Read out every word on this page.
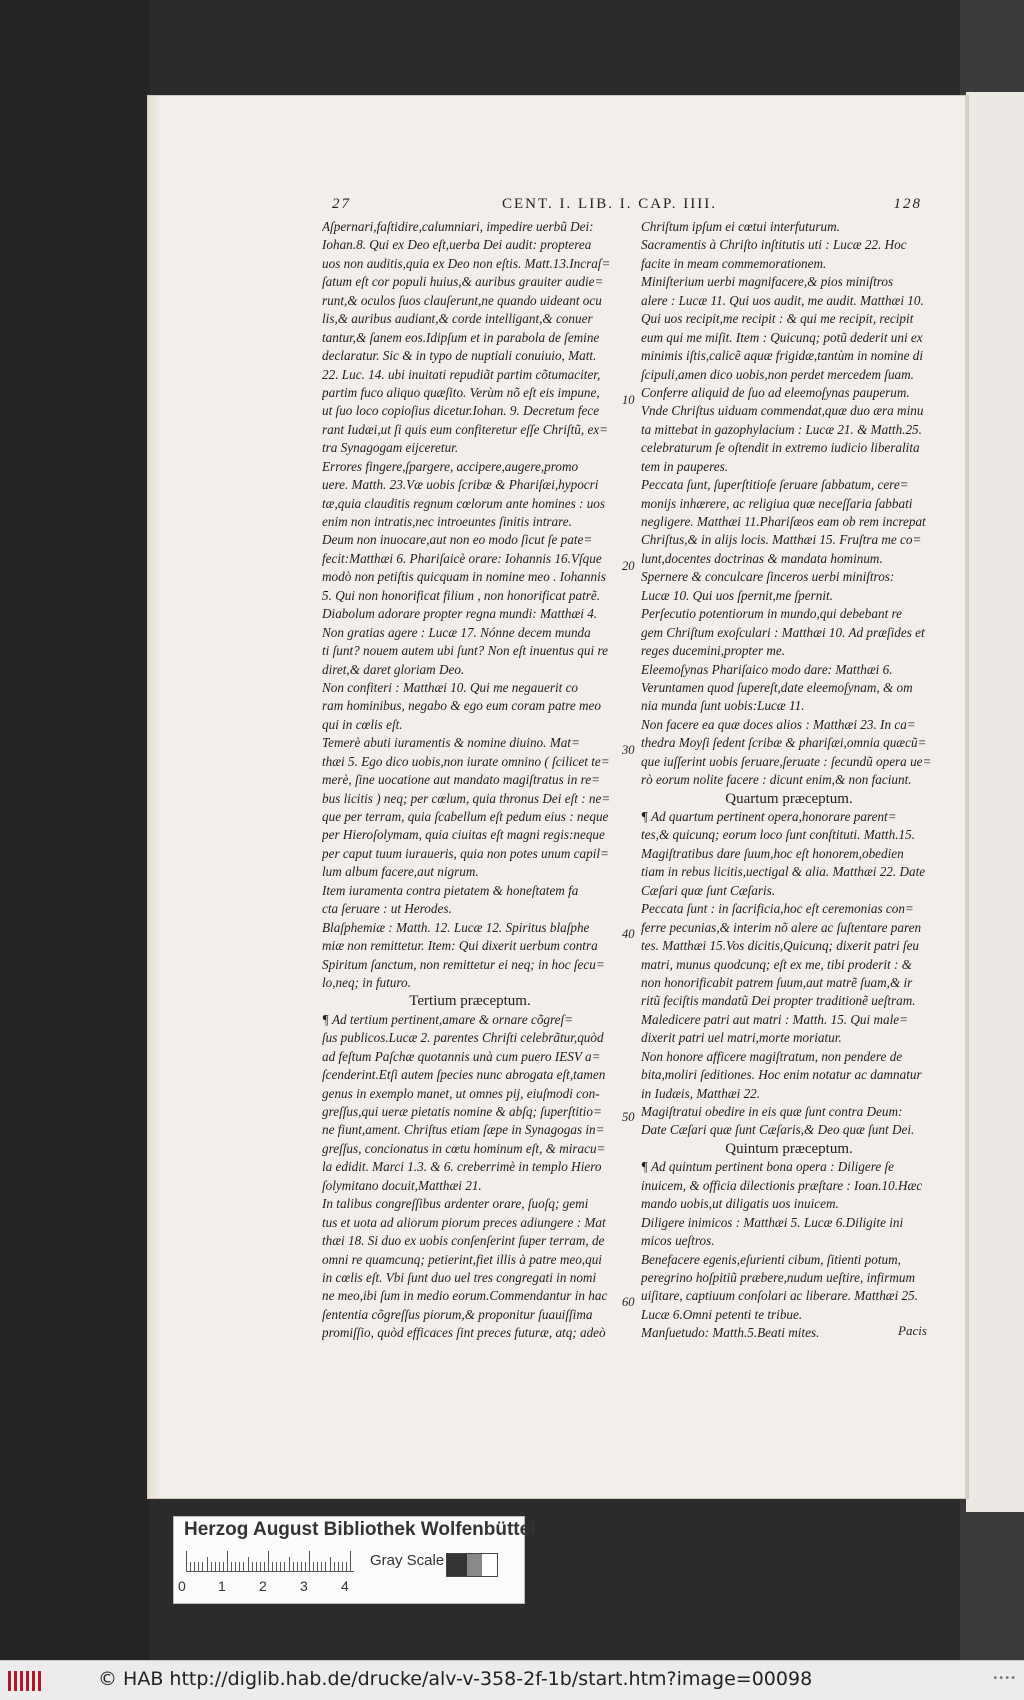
27	CENT. I. LIB. I. CAP. IIII.	128
Aſpernari,faſtidire,calumniari, impedire uerbũ Dei:
Iohan.8. Qui ex Deo eſt,uerba Dei audit: propterea
uos non auditis,quia ex Deo non eſtis. Matt.13.Incraſ=
ſatum eſt cor populi huius,& auribus grauiter audie=
runt,& oculos ſuos clauſerunt,ne quando uideant ocu
lis,& auribus audiant,& corde intelligant,& conuer
tantur,& ſanem eos.Idipſum et in parabola de ſemine
declaratur. Sic & in typo de nuptiali conuiuio, Matt.
22. Luc. 14. ubi inuitati repudiãt partim cõtumaciter,
partim fuco aliquo quæſito. Verùm nõ eſt eis impune,
ut ſuo loco copioſius dicetur.Iohan. 9. Decretum fece
rant Iudæi,ut ſi quis eum confiteretur eſſe Chriſtũ, ex=
tra Synagogam eijceretur.
Errores fingere,ſpargere, accipere,augere,promo
uere. Matth. 23.Væ uobis ſcribæ & Phariſæi,hypocri
tæ,quia clauditis regnum cœlorum ante homines : uos
enim non intratis,nec introeuntes ſinitis intrare.
Deum non inuocare,aut non eo modo ſicut ſe pate=
fecit:Matthæi 6. Phariſaicè orare: Iohannis 16.Vſque
modò non petiſtis quicquam in nomine meo . Iohannis
5. Qui non honorificat filium , non honorificat patrẽ.
Diabolum adorare propter regna mundi: Matthæi 4.
Non gratias agere : Lucæ 17. Nónne decem munda
ti ſunt? nouem autem ubi ſunt? Non eſt inuentus qui re
diret,& daret gloriam Deo.
Non confiteri : Matthæi 10. Qui me negauerit co
ram hominibus, negabo & ego eum coram patre meo
qui in cœlis eſt.
Temerè abuti iuramentis & nomine diuino. Mat=
thæi 5. Ego dico uobis,non iurate omnino ( ſcilicet te=
merè, ſine uocatione aut mandato magiſtratus in re=
bus licitis ) neq; per cœlum, quia thronus Dei eſt : ne=
que per terram, quia ſcabellum eſt pedum eius : neque
per Hieroſolymam, quia ciuitas eſt magni regis:neque
per caput tuum iuraueris, quia non potes unum capil=
lum album facere,aut nigrum.
Item iuramenta contra pietatem & honeſtatem fa
cta ſeruare : ut Herodes.
Blaſphemiæ : Matth. 12. Lucæ 12. Spiritus blaſphe
miæ non remittetur. Item: Qui dixerit uerbum contra
Spiritum ſanctum, non remittetur ei neq; in hoc ſecu=
lo,neq; in futuro.
Tertium præceptum.
¶ Ad tertium pertinent,amare & ornare cõgreſ=
ſus publicos.Lucæ 2. parentes Chriſti celebrãtur,quòd
ad feſtum Paſchæ quotannis unà cum puero IESV a=
ſcenderint.Etſi autem ſpecies nunc abrogata eſt,tamen
genus in exemplo manet, ut omnes pij, eiuſmodi con-
greſſus,qui ueræ pietatis nomine & abſq; ſuperſtitio=
ne fiunt,ament. Chriſtus etiam ſæpe in Synagogas in=
greſſus, concionatus in cœtu hominum eſt, & miracu=
la edidit. Marci 1.3. & 6. creberrimè in templo Hiero
ſolymitano docuit,Matthæi 21.
In talibus congreſſibus ardenter orare, ſuoſq; gemi
tus et uota ad aliorum piorum preces adiungere : Mat
thæi 18. Si duo ex uobis conſenſerint ſuper terram, de
omni re quamcunq; petierint,fiet illis à patre meo,qui
in cœlis eſt. Vbi ſunt duo uel tres congregati in nomi
ne meo,ibi ſum in medio eorum.Commendantur in hac
ſententia cõgreſſus piorum,& proponitur ſuauiſſima
promiſſio, quòd efficaces ſint preces futuræ, atq; adeò
Chriſtum ipſum ei cœtui interfuturum.
Sacramentis à Chriſto inſtitutis uti : Lucæ 22. Hoc
facite in meam commemorationem.
Miniſterium uerbi magnifacere,& pios miniſtros
alere : Lucæ 11. Qui uos audit, me audit. Matthæi 10.
Qui uos recipit,me recipit : & qui me recipit, recipit
eum qui me miſit. Item : Quicunq; potũ dederit uni ex
minimis iſtis,calicẽ aquæ frigidæ,tantùm in nomine di
ſcipuli,amen dico uobis,non perdet mercedem ſuam.
Conferre aliquid de ſuo ad eleemoſynas pauperum.
Vnde Chriſtus uiduam commendat,quæ duo æra minu
ta mittebat in gazophylacium : Lucæ 21. & Matth.25.
celebraturum ſe oſtendit in extremo iudicio liberalita
tem in pauperes.
Peccata ſunt, ſuperſtitioſe ſeruare ſabbatum, cere=
monijs inhærere, ac religiua quæ neceſſaria ſabbati
negligere. Matthæi 11.Phariſæos eam ob rem increpat
Chriſtus,& in alijs locis. Matthæi 15. Fruſtra me co=
lunt,docentes doctrinas & mandata hominum.
Spernere & conculcare ſinceros uerbi miniſtros:
Lucæ 10. Qui uos ſpernit,me ſpernit.
Perſecutio potentiorum in mundo,qui debebant re
gem Chriſtum exoſculari : Matthæi 10. Ad præſides et
reges ducemini,propter me.
Eleemoſynas Phariſaico modo dare: Matthæi 6.
Veruntamen quod ſupereſt,date eleemoſynam, & om
nia munda ſunt uobis:Lucæ 11.
Non facere ea quæ doces alios : Matthæi 23. In ca=
thedra Moyſi ſedent ſcribæ & phariſæi,omnia quæcũ=
que iuſſerint uobis ſeruare,ſeruate : ſecundũ opera ue=
rò eorum nolite facere : dicunt enim,& non faciunt.
Quartum præceptum.
¶ Ad quartum pertinent opera,honorare parent=
tes,& quicunq; eorum loco ſunt conſtituti. Matth.15.
Magiſtratibus dare ſuum,hoc eſt honorem,obedien
tiam in rebus licitis,uectigal & alia. Matthæi 22. Date
Cæſari quæ ſunt Cæſaris.
Peccata ſunt : in ſacrificia,hoc eſt ceremonias con=
ferre pecunias,& interim nõ alere ac ſuſtentare paren
tes. Matthæi 15.Vos dicitis,Quicunq; dixerit patri ſeu
matri, munus quodcunq; eſt ex me, tibi proderit : &
non honorificabit patrem ſuum,aut matrẽ ſuam,& ir
ritũ feciſtis mandatũ Dei propter traditionẽ ueſtram.
Maledicere patri aut matri : Matth. 15. Qui male=
dixerit patri uel matri,morte moriatur.
Non honore afficere magiſtratum, non pendere de
bita,moliri ſeditiones. Hoc enim notatur ac damnatur
in Iudæis, Matthæi 22.
Magiſtratui obedire in eis quæ ſunt contra Deum:
Date Cæſari quæ ſunt Cæſaris,& Deo quæ ſunt Dei.
Quintum præceptum.
¶ Ad quintum pertinent bona opera : Diligere ſe
inuicem, & officia dilectionis præſtare : Ioan.10.Hæc
mando uobis,ut diligatis uos inuicem.
Diligere inimicos : Matthæi 5. Lucæ 6.Diligite ini
micos ueſtros.
Benefacere egenis,eſurienti cibum, ſitienti potum,
peregrino hoſpitiũ præbere,nudum ueſtire, infirmum
uiſitare, captiuum conſolari ac liberare. Matthæi 25.
Lucæ 6.Omni petenti te tribue.
Manſuetudo: Matth.5.Beati mites.
10
20
30
40
50
60
Pacis
Herzog August Bibliothek Wolfenbüttel
Gray Scale
0 1 2 3 4
© HAB http://diglib.hab.de/drucke/alv-v-358-2f-1b/start.htm?image=00098	••••
